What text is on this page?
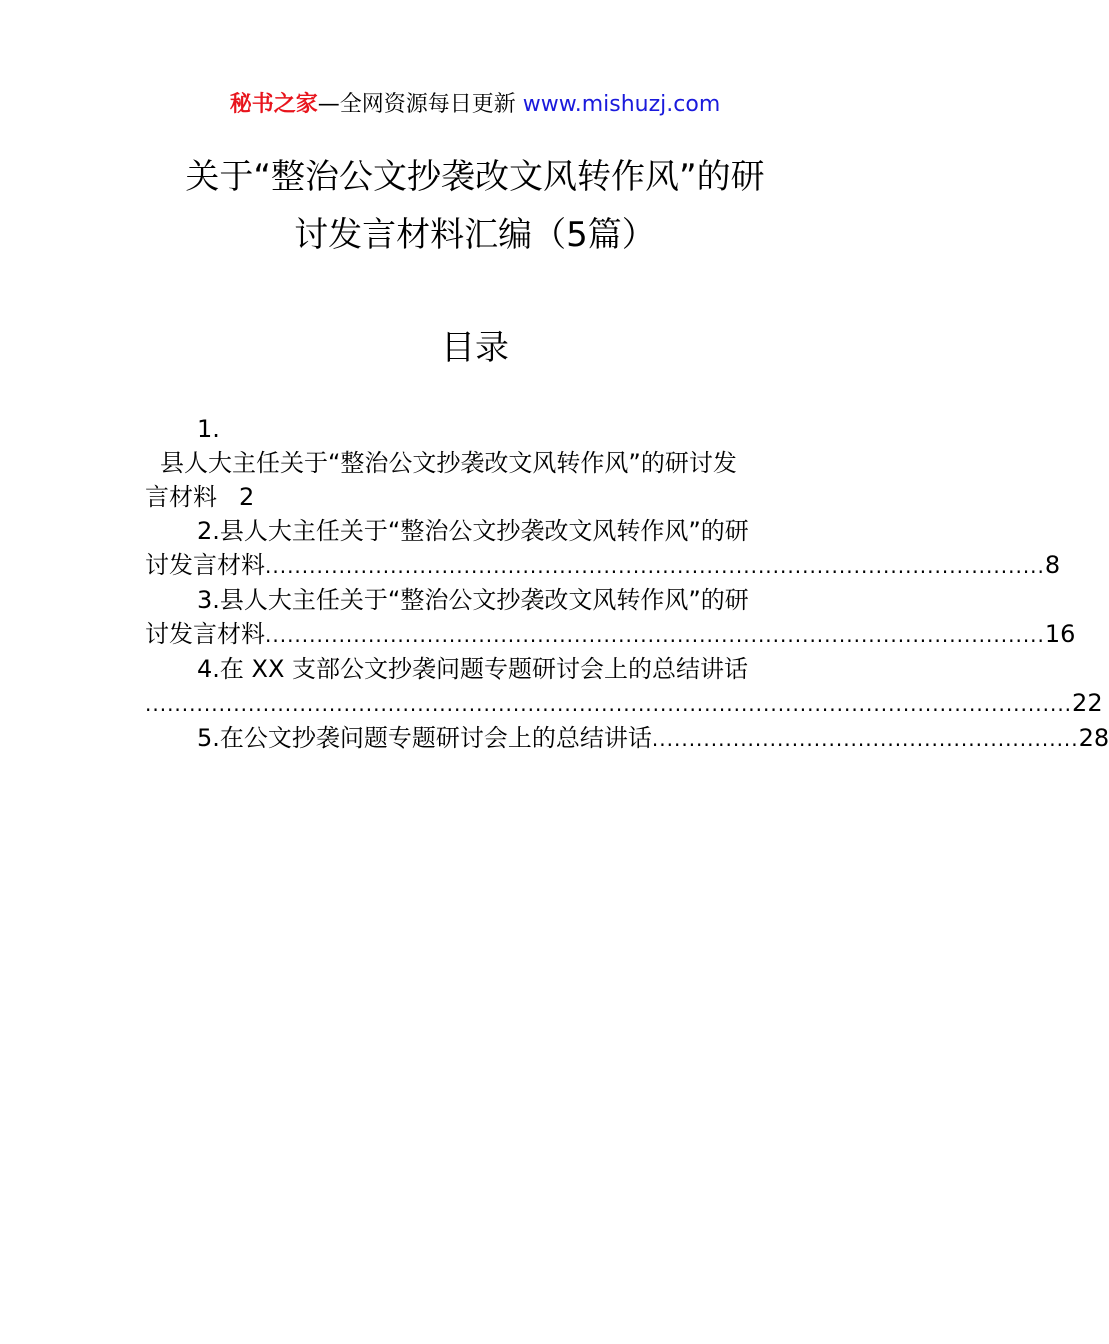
秘书之家—全网资源每日更新 www.mishuzj.com
关于“整治公文抄袭改文风转作风”的研
讨发言材料汇编（5篇）
目录
1.
县人大主任关于“整治公文抄袭改文风转作风”的研讨发
言材料 2
2.县人大主任关于“整治公文抄袭改文风转作风”的研
讨发言材料 .......................................................................................................... 8
3.县人大主任关于“整治公文抄袭改文风转作风”的研
讨发言材料 .......................................................................................................... 16
4.在 XX 支部公文抄袭问题专题研讨会上的总结讲话
.............................................................................................................................. 22
5.在公文抄袭问题专题研讨会上的总结讲话 .......................................................... 28
